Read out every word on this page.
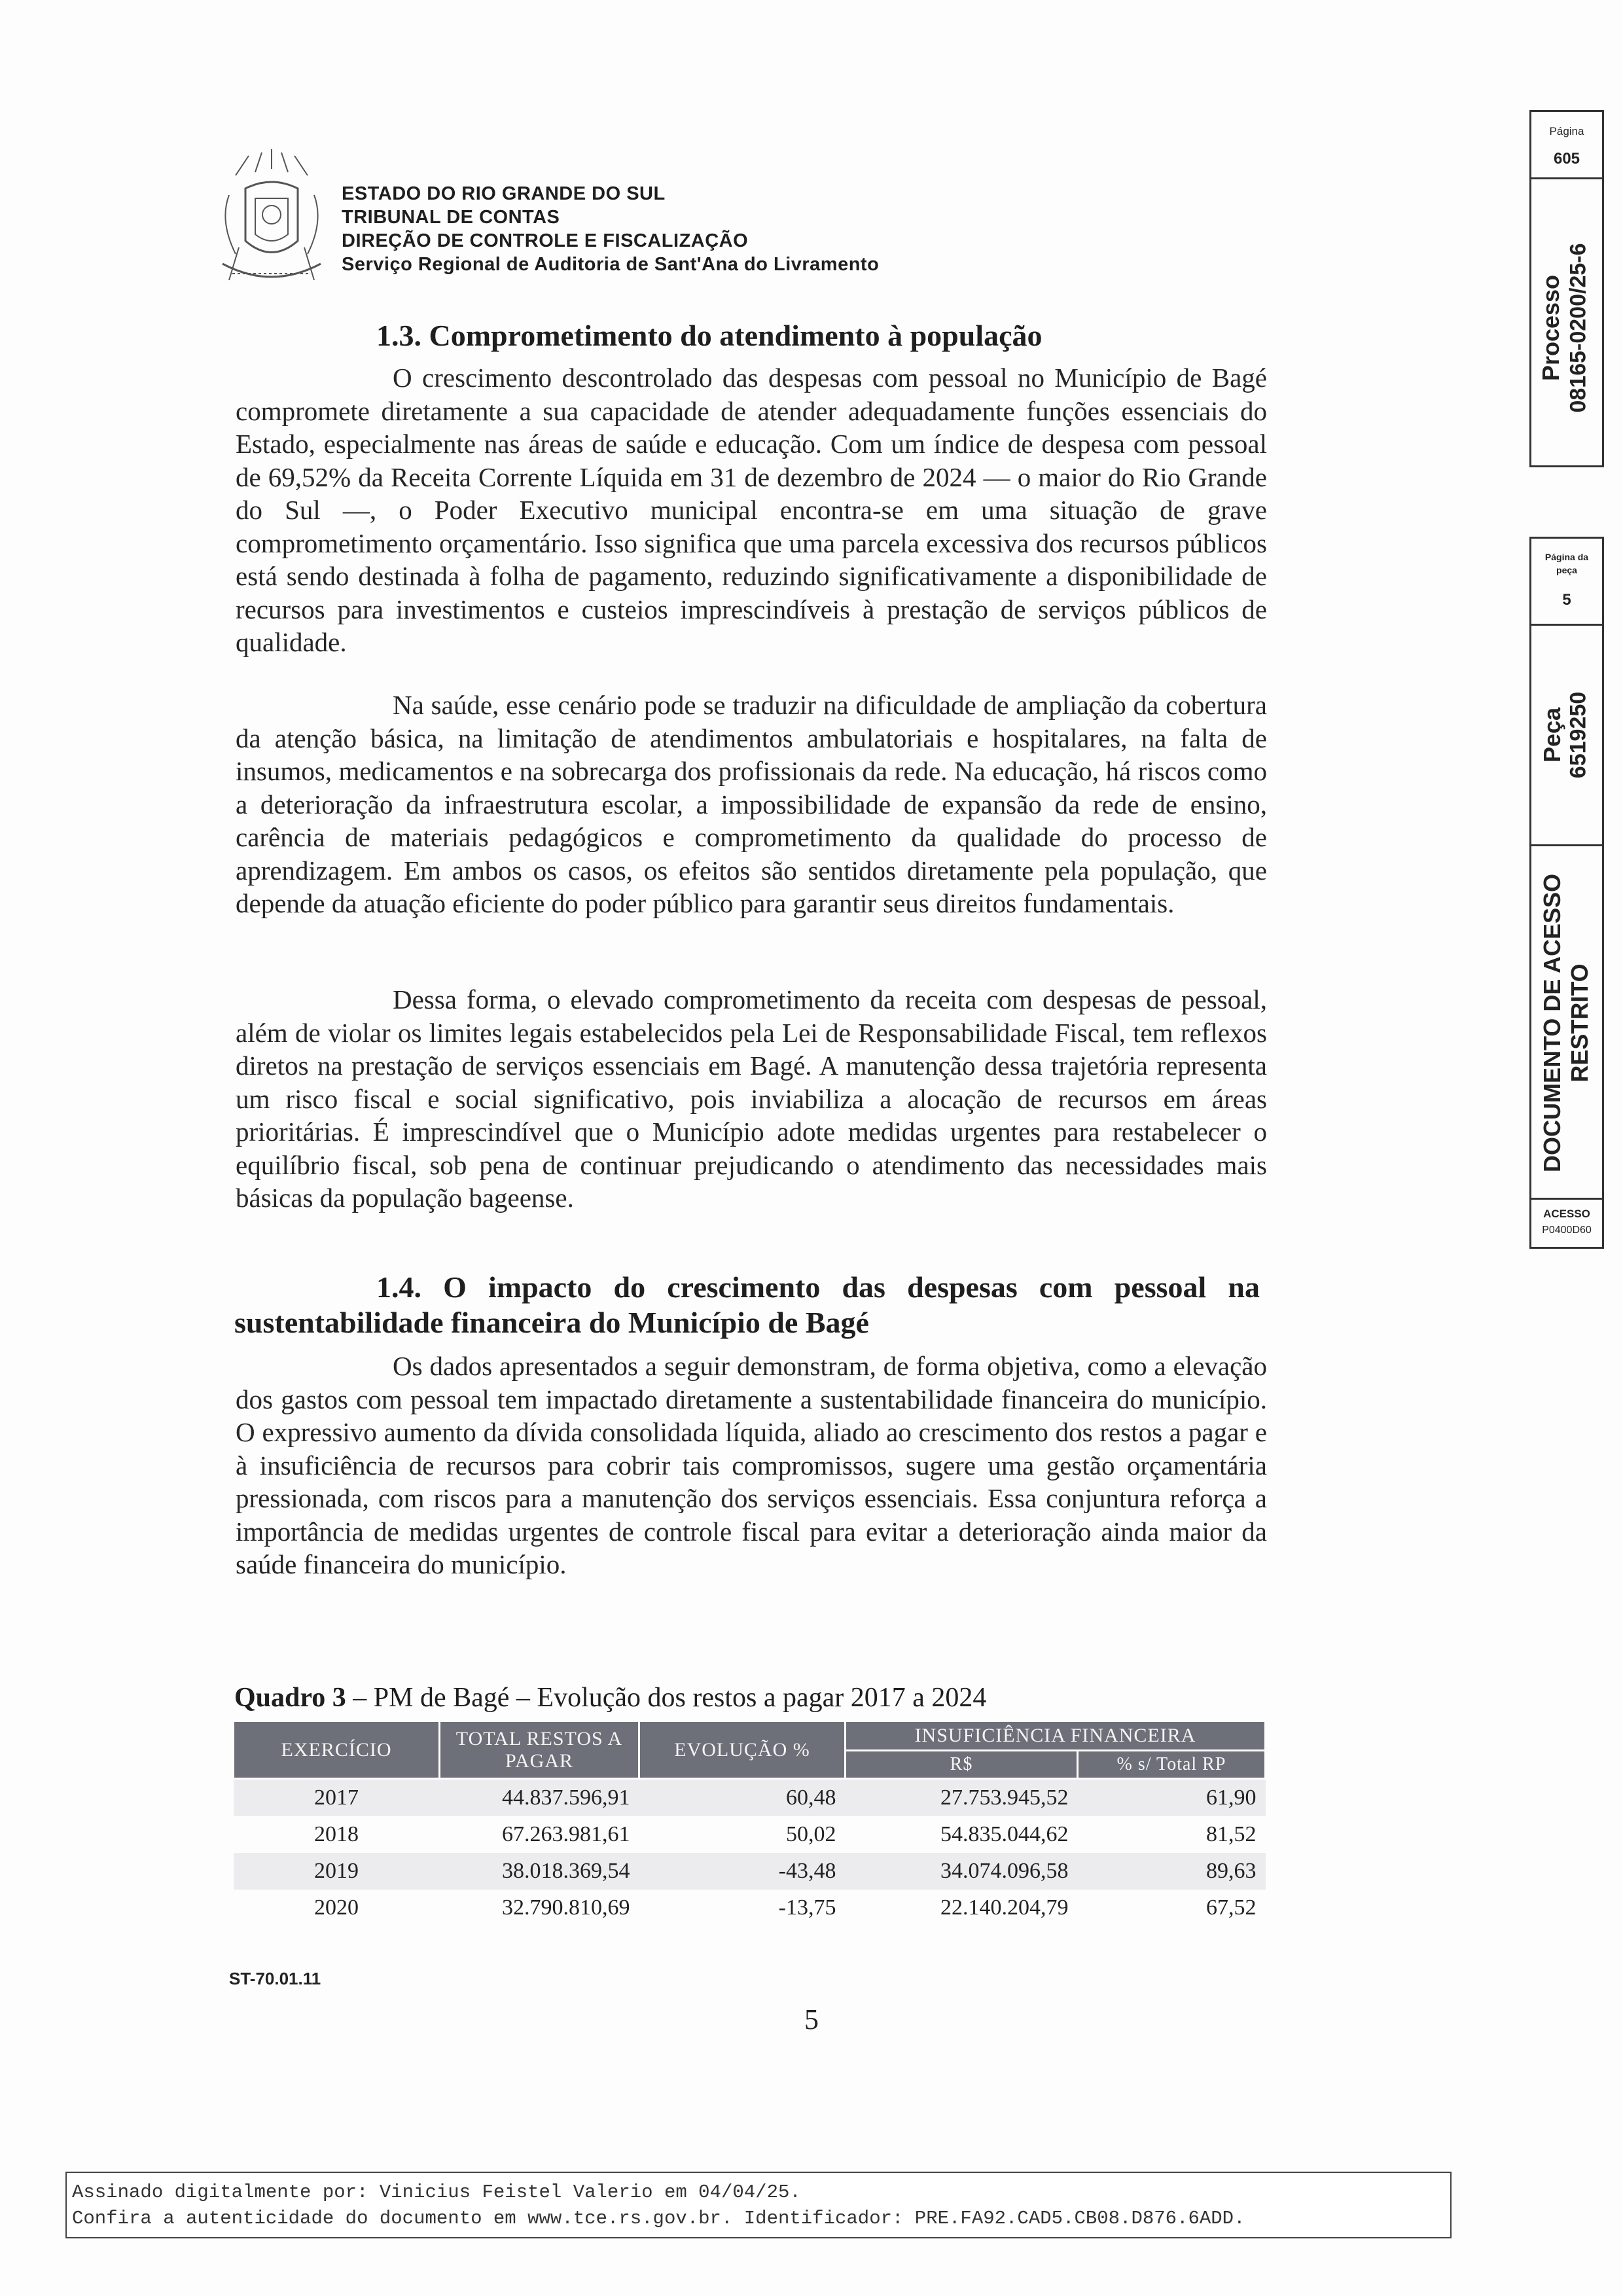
ESTADO DO RIO GRANDE DO SUL
TRIBUNAL DE CONTAS
DIREÇÃO DE CONTROLE E FISCALIZAÇÃO
Serviço Regional de Auditoria de Sant'Ana do Livramento
Página
605
Processo 08165-0200/25-6
Página da
peça
5
Peça 6519250
DOCUMENTO DE ACESSO RESTRITO
ACESSO
P0400D60
1.3. Comprometimento do atendimento à população

O crescimento descontrolado das despesas com pessoal no Município de Bagé compromete diretamente a sua capacidade de atender adequadamente funções essenciais do Estado, especialmente nas áreas de saúde e educação. Com um índice de despesa com pessoal de 69,52% da Receita Corrente Líquida em 31 de dezembro de 2024 — o maior do Rio Grande do Sul —, o Poder Executivo municipal encontra-se em uma situação de grave comprometimento orçamentário. Isso significa que uma parcela excessiva dos recursos públicos está sendo destinada à folha de pagamento, reduzindo significativamente a disponibilidade de recursos para investimentos e custeios imprescindíveis à prestação de serviços públicos de qualidade.

Na saúde, esse cenário pode se traduzir na dificuldade de ampliação da cobertura da atenção básica, na limitação de atendimentos ambulatoriais e hospitalares, na falta de insumos, medicamentos e na sobrecarga dos profissionais da rede. Na educação, há riscos como a deterioração da infraestrutura escolar, a impossibilidade de expansão da rede de ensino, carência de materiais pedagógicos e comprometimento da qualidade do processo de aprendizagem. Em ambos os casos, os efeitos são sentidos diretamente pela população, que depende da atuação eficiente do poder público para garantir seus direitos fundamentais.

Dessa forma, o elevado comprometimento da receita com despesas de pessoal, além de violar os limites legais estabelecidos pela Lei de Responsabilidade Fiscal, tem reflexos diretos na prestação de serviços essenciais em Bagé. A manutenção dessa trajetória representa um risco fiscal e social significativo, pois inviabiliza a alocação de recursos em áreas prioritárias. É imprescindível que o Município adote medidas urgentes para restabelecer o equilíbrio fiscal, sob pena de continuar prejudicando o atendimento das necessidades mais básicas da população bageense.

1.4. O impacto do crescimento das despesas com pessoal na
sustentabilidade financeira do Município de Bagé

Os dados apresentados a seguir demonstram, de forma objetiva, como a elevação dos gastos com pessoal tem impactado diretamente a sustentabilidade financeira do município. O expressivo aumento da dívida consolidada líquida, aliado ao crescimento dos restos a pagar e à insuficiência de recursos para cobrir tais compromissos, sugere uma gestão orçamentária pressionada, com riscos para a manutenção dos serviços essenciais. Essa conjuntura reforça a importância de medidas urgentes de controle fiscal para evitar a deterioração ainda maior da saúde financeira do município.

Quadro 3 – PM de Bagé – Evolução dos restos a pagar 2017 a 2024
EXERCÍCIO	TOTAL RESTOS A PAGAR	EVOLUÇÃO %	INSUFICIÊNCIA FINANCEIRA	
			R$	% s/ Total RP
2017	44.837.596,91	60,48	27.753.945,52	61,90
2018	67.263.981,61	50,02	54.835.044,62	81,52
2019	38.018.369,54	-43,48	34.074.096,58	89,63
2020	32.790.810,69	-13,75	22.140.204,79	67,52
ST-70.01.11
5
Assinado digitalmente por: Vinicius Feistel Valerio em 04/04/25.
Confira a autenticidade do documento em www.tce.rs.gov.br. Identificador: PRE.FA92.CAD5.CB08.D876.6ADD.
